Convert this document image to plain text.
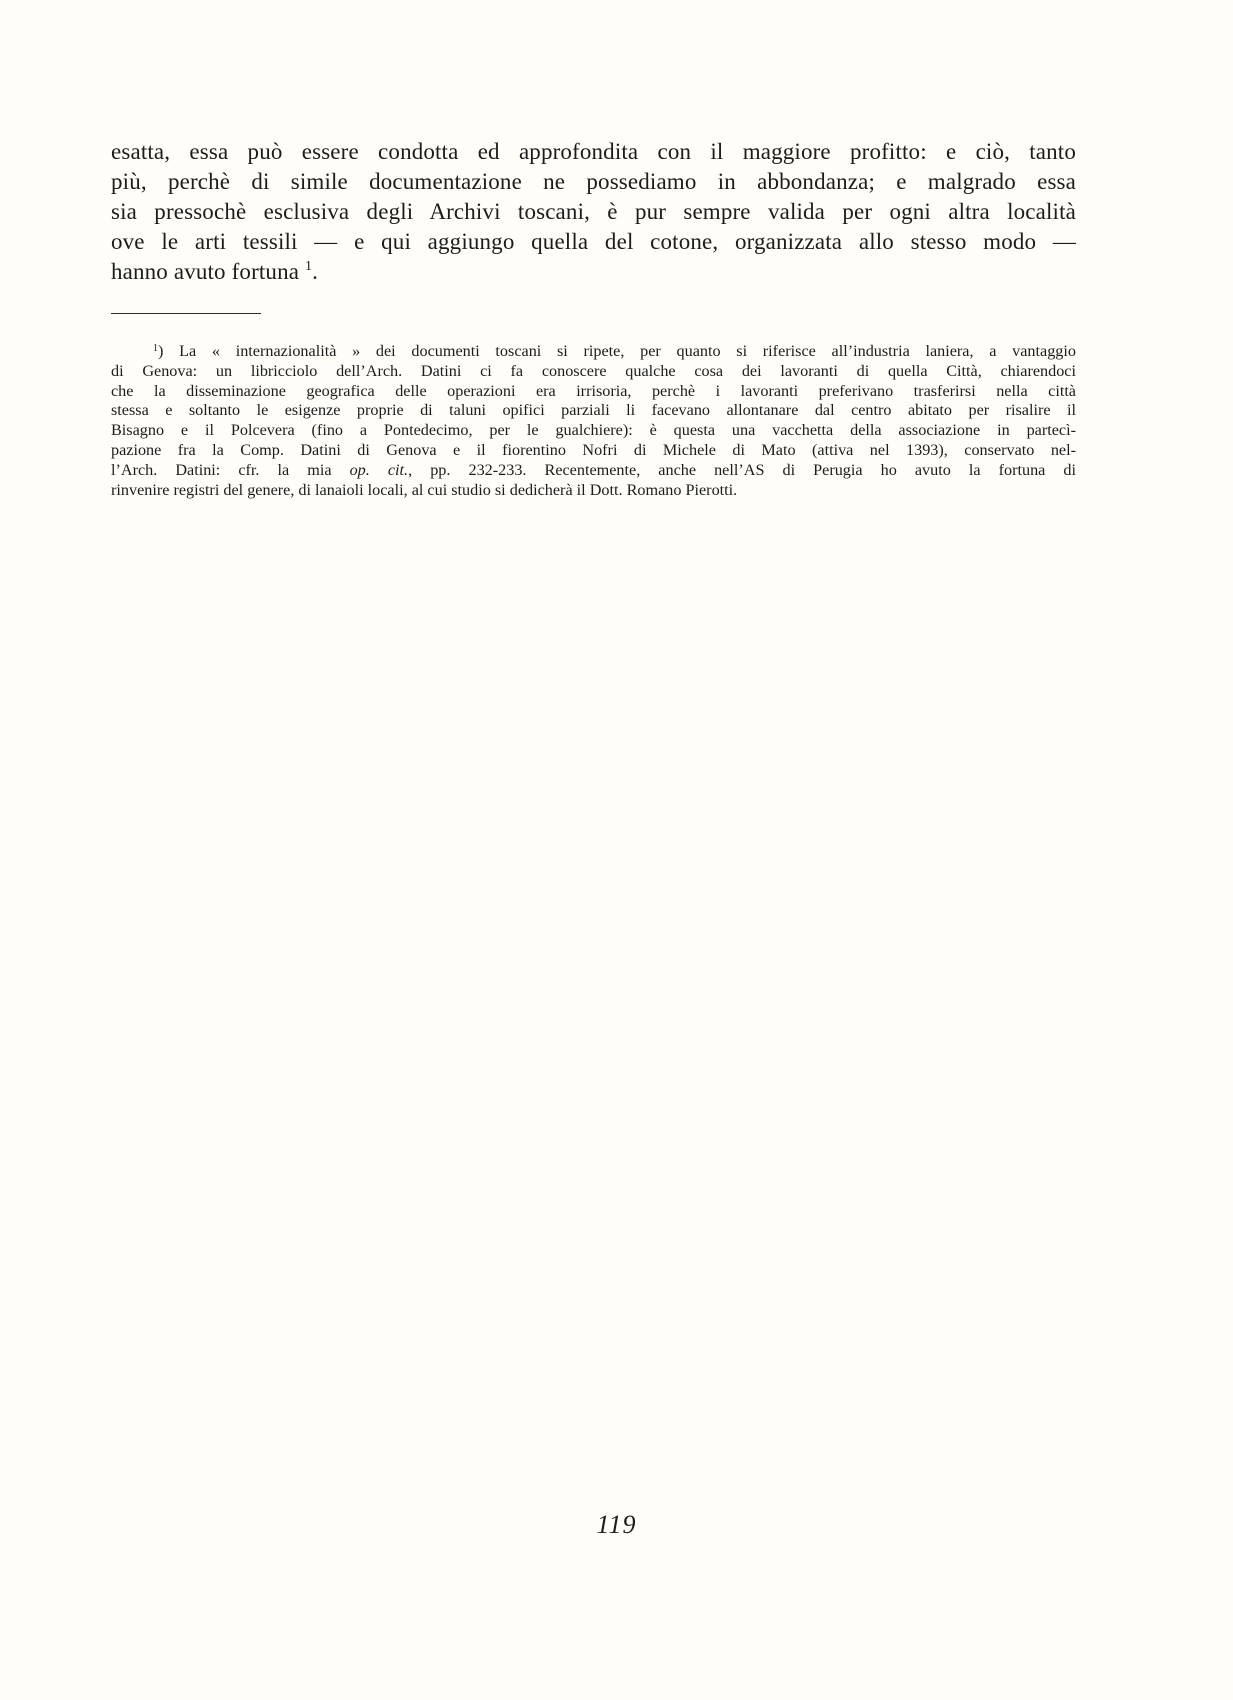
esatta, essa può essere condotta ed approfondita con il maggiore profitto: e ciò, tanto
più, perchè di simile documentazione ne possediamo in abbondanza; e malgrado essa
sia pressochè esclusiva degli Archivi toscani, è pur sempre valida per ogni altra località
ove le arti tessili — e qui aggiungo quella del cotone, organizzata allo stesso modo —
hanno avuto fortuna $^1$.
$^1$) La « internazionalità » dei documenti toscani si ripete, per quanto si riferisce all’industria laniera, a vantaggio
di Genova: un libricciolo dell’Arch. Datini ci fa conoscere qualche cosa dei lavoranti di quella Città, chiarendoci
che la disseminazione geografica delle operazioni era irrisoria, perchè i lavoranti preferivano trasferirsi nella città
stessa e soltanto le esigenze proprie di taluni opifici parziali li facevano allontanare dal centro abitato per risalire il
Bisagno e il Polcevera (fino a Pontedecimo, per le gualchiere): è questa una vacchetta della associazione in partecì-
pazione fra la Comp. Datini di Genova e il fiorentino Nofri di Michele di Mato (attiva nel 1393), conservato nel-
l’Arch. Datini: cfr. la mia op. cit., pp. 232-233. Recentemente, anche nell’AS di Perugia ho avuto la fortuna di
rinvenire registri del genere, di lanaioli locali, al cui studio si dedicherà il Dott. Romano Pierotti.
119
